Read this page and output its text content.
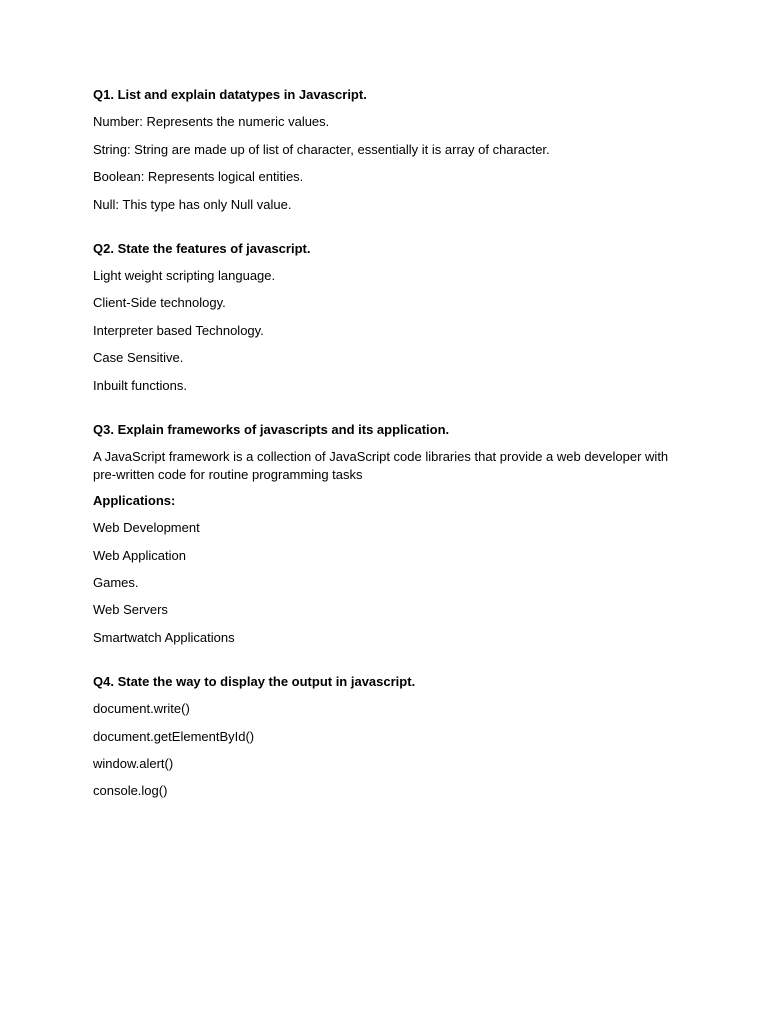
Q1. List and explain datatypes in Javascript.
Number: Represents the numeric values.
String: String are made up of list of character, essentially it is array of character.
Boolean: Represents logical entities.
Null: This type has only Null value.
Q2. State the features of javascript.
Light weight scripting language.
Client-Side technology.
Interpreter based Technology.
Case Sensitive.
Inbuilt functions.
Q3. Explain frameworks of javascripts and its application.
A JavaScript framework is a collection of JavaScript code libraries that provide a web developer with pre-written code for routine programming tasks
Applications:
Web Development
Web Application
Games.
Web Servers
Smartwatch Applications
Q4. State the way to display the output in javascript.
document.write()
document.getElementById()
window.alert()
console.log()
